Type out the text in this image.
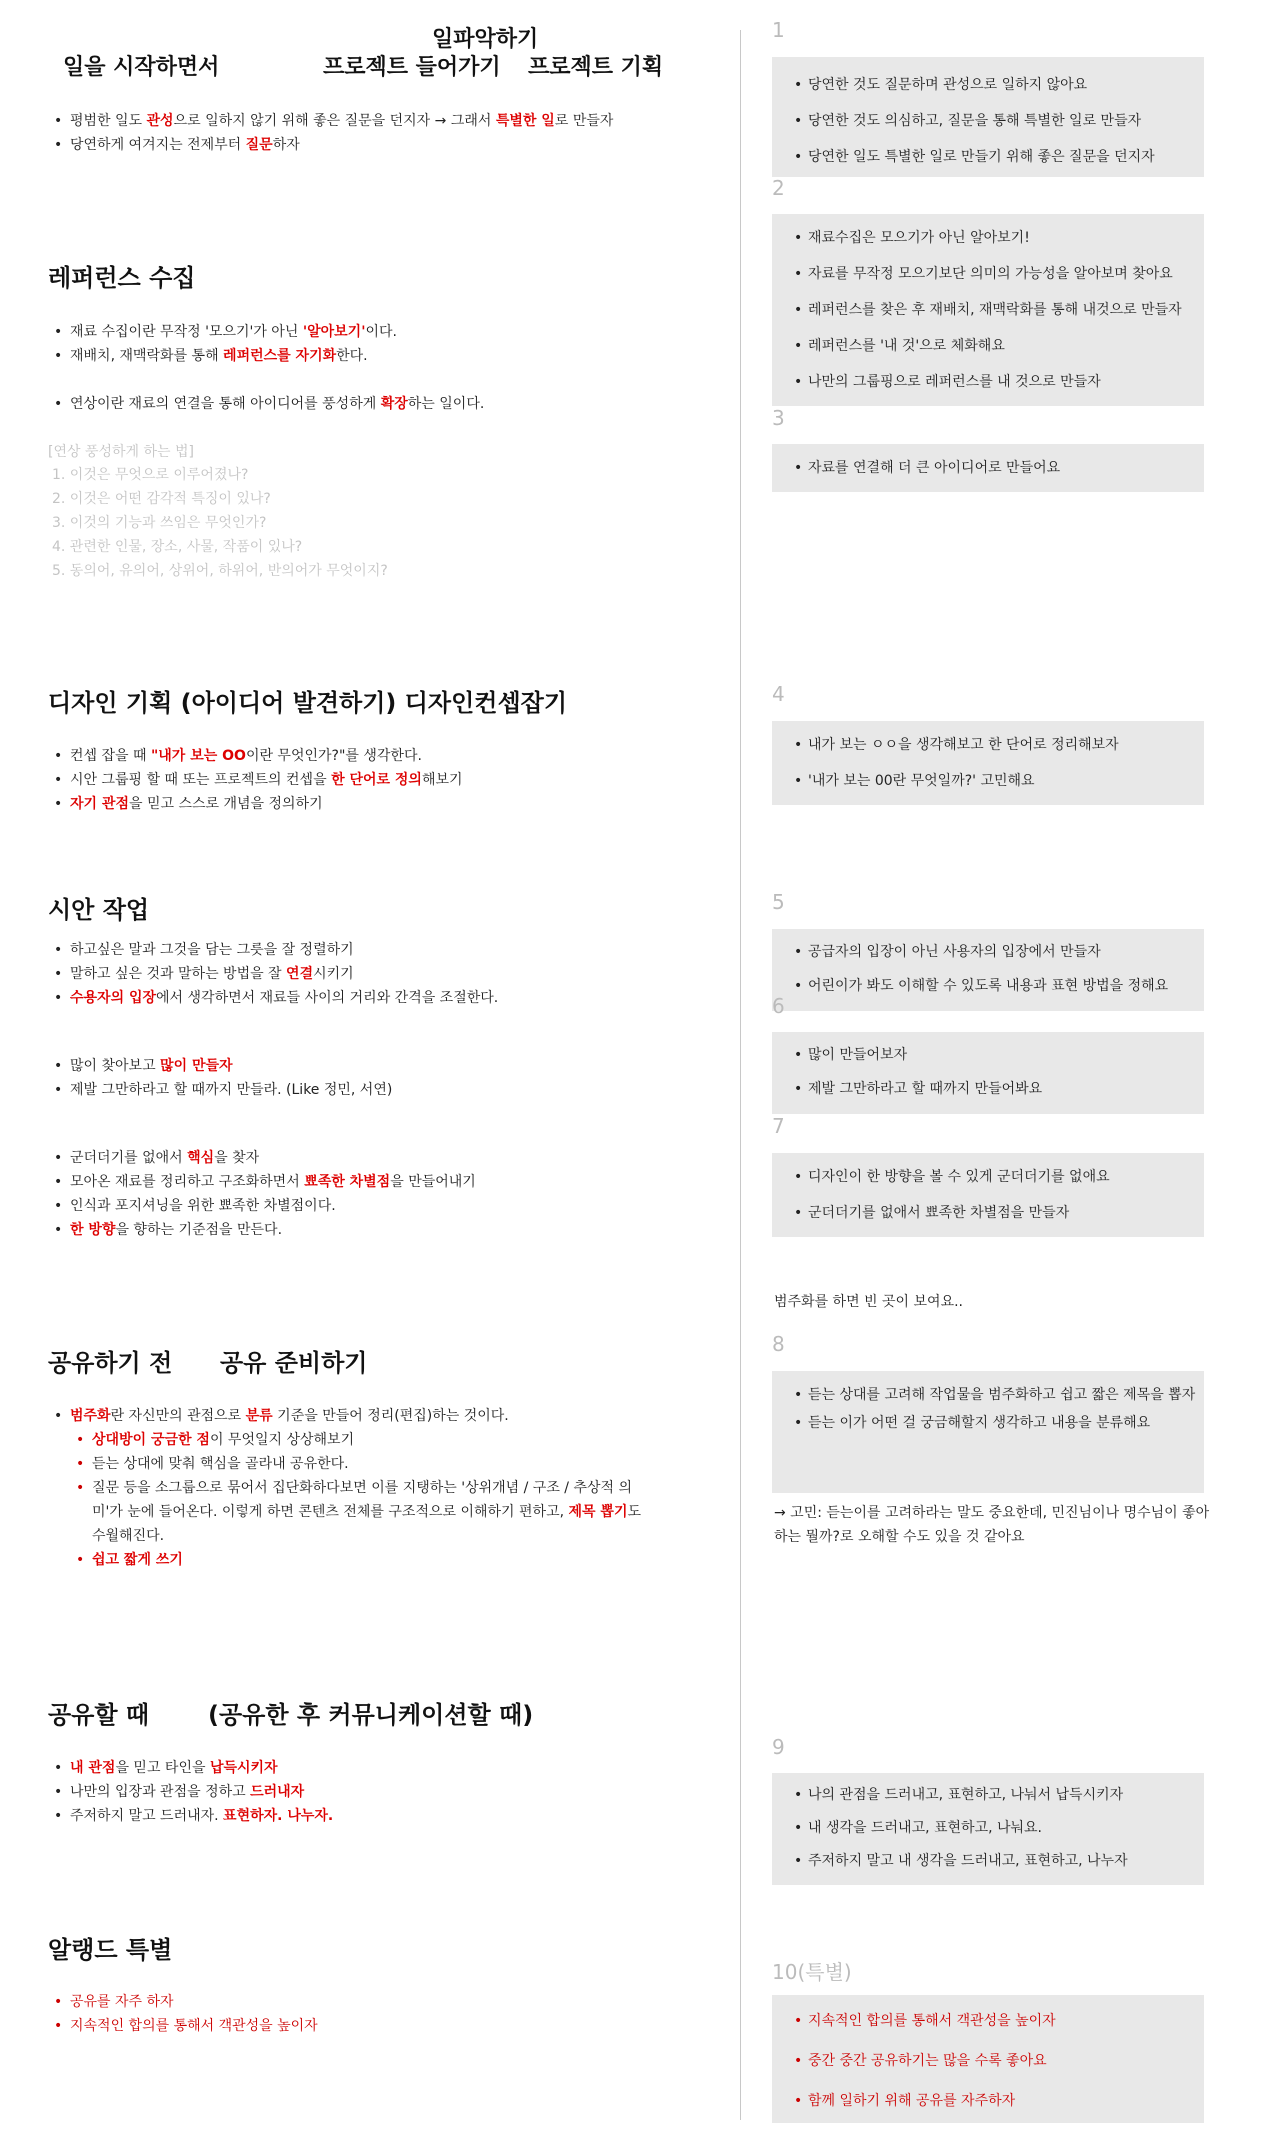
일파악하기
일을 시작하면서	프로젝트 들어가기 프로젝트 기획
• 평범한 일도 관성으로 일하지 않기 위해 좋은 질문을 던지자 → 그래서 특별한 일로 만들자
• 당연하게 여겨지는 전제부터 질문하자
레퍼런스 수집
• 재료 수집이란 무작정 '모으기'가 아닌 '알아보기'이다.
• 재배치, 재맥락화를 통해 레퍼런스를 자기화한다.
• 연상이란 재료의 연결을 통해 아이디어를 풍성하게 확장하는 일이다.
[연상 풍성하게 하는 법]
1. 이것은 무엇으로 이루어졌나?
2. 이것은 어떤 감각적 특징이 있나?
3. 이것의 기능과 쓰임은 무엇인가?
4. 관련한 인물, 장소, 사물, 작품이 있나?
5. 동의어, 유의어, 상위어, 하위어, 반의어가 무엇이지?
디자인 기획 (아이디어 발견하기) 디자인컨셉잡기
• 컨셉 잡을 때 "내가 보는 OO이란 무엇인가?"를 생각한다.
• 시안 그룹핑 할 때 또는 프로젝트의 컨셉을 한 단어로 정의해보기
• 자기 관점을 믿고 스스로 개념을 정의하기
시안 작업
• 하고싶은 말과 그것을 담는 그릇을 잘 정렬하기
• 말하고 싶은 것과 말하는 방법을 잘 연결시키기
• 수용자의 입장에서 생각하면서 재료들 사이의 거리와 간격을 조절한다.
• 많이 찾아보고 많이 만들자
• 제발 그만하라고 할 때까지 만들라. (Like 정민, 서연)
• 군더더기를 없애서 핵심을 찾자
• 모아온 재료를 정리하고 구조화하면서 뾰족한 차별점을 만들어내기
• 인식과 포지셔닝을 위한 뾰족한 차별점이다.
• 한 방향을 향하는 기준점을 만든다.
공유하기 전 공유 준비하기
• 범주화란 자신만의 관점으로 분류 기준을 만들어 정리(편집)하는 것이다.
• 상대방이 궁금한 점이 무엇일지 상상해보기
• 듣는 상대에 맞춰 핵심을 골라내 공유한다.
• 질문 등을 소그룹으로 묶어서 집단화하다보면 이를 지탱하는 '상위개념 / 구조 / 추상적 의미'가 눈에 들어온다. 이렇게 하면 콘텐츠 전체를 구조적으로 이해하기 편하고, 제목 뽑기도 수월해진다.
• 쉽고 짧게 쓰기
공유할 때 (공유한 후 커뮤니케이션할 때)
• 내 관점을 믿고 타인을 납득시키자
• 나만의 입장과 관점을 정하고 드러내자
• 주저하지 말고 드러내자. 표현하자. 나누자.
알랭드 특별
• 공유를 자주 하자
• 지속적인 합의를 통해서 객관성을 높이자
1
• 당연한 것도 질문하며 관성으로 일하지 않아요
• 당연한 것도 의심하고, 질문을 통해 특별한 일로 만들자
• 당연한 일도 특별한 일로 만들기 위해 좋은 질문을 던지자
2
• 재료수집은 모으기가 아닌 알아보기!
• 자료를 무작정 모으기보단 의미의 가능성을 알아보며 찾아요
• 레퍼런스를 찾은 후 재배치, 재맥락화를 통해 내것으로 만들자
• 레퍼런스를 '내 것'으로 체화해요
• 나만의 그룹핑으로 레퍼런스를 내 것으로 만들자
3
• 자료를 연결해 더 큰 아이디어로 만들어요
4
• 내가 보는 ㅇㅇ을 생각해보고 한 단어로 정리해보자
• '내가 보는 00란 무엇일까?' 고민해요
5
• 공급자의 입장이 아닌 사용자의 입장에서 만들자
• 어린이가 봐도 이해할 수 있도록 내용과 표현 방법을 정해요
6
• 많이 만들어보자
• 제발 그만하라고 할 때까지 만들어봐요
7
• 디자인이 한 방향을 볼 수 있게 군더더기를 없애요
• 군더더기를 없애서 뾰족한 차별점을 만들자
범주화를 하면 빈 곳이 보여요..
8
• 듣는 상대를 고려해 작업물을 범주화하고 쉽고 짧은 제목을 뽑자
• 듣는 이가 어떤 걸 궁금해할지 생각하고 내용을 분류해요
→ 고민: 듣는이를 고려하라는 말도 중요한데, 민진님이나 명수님이 좋아하는 뭘까?로 오해할 수도 있을 것 같아요
9
• 나의 관점을 드러내고, 표현하고, 나눠서 납득시키자
• 내 생각을 드러내고, 표현하고, 나눠요.
• 주저하지 말고 내 생각을 드러내고, 표현하고, 나누자
10(특별)
• 지속적인 합의를 통해서 객관성을 높이자
• 중간 중간 공유하기는 많을 수록 좋아요
• 함께 일하기 위해 공유를 자주하자
